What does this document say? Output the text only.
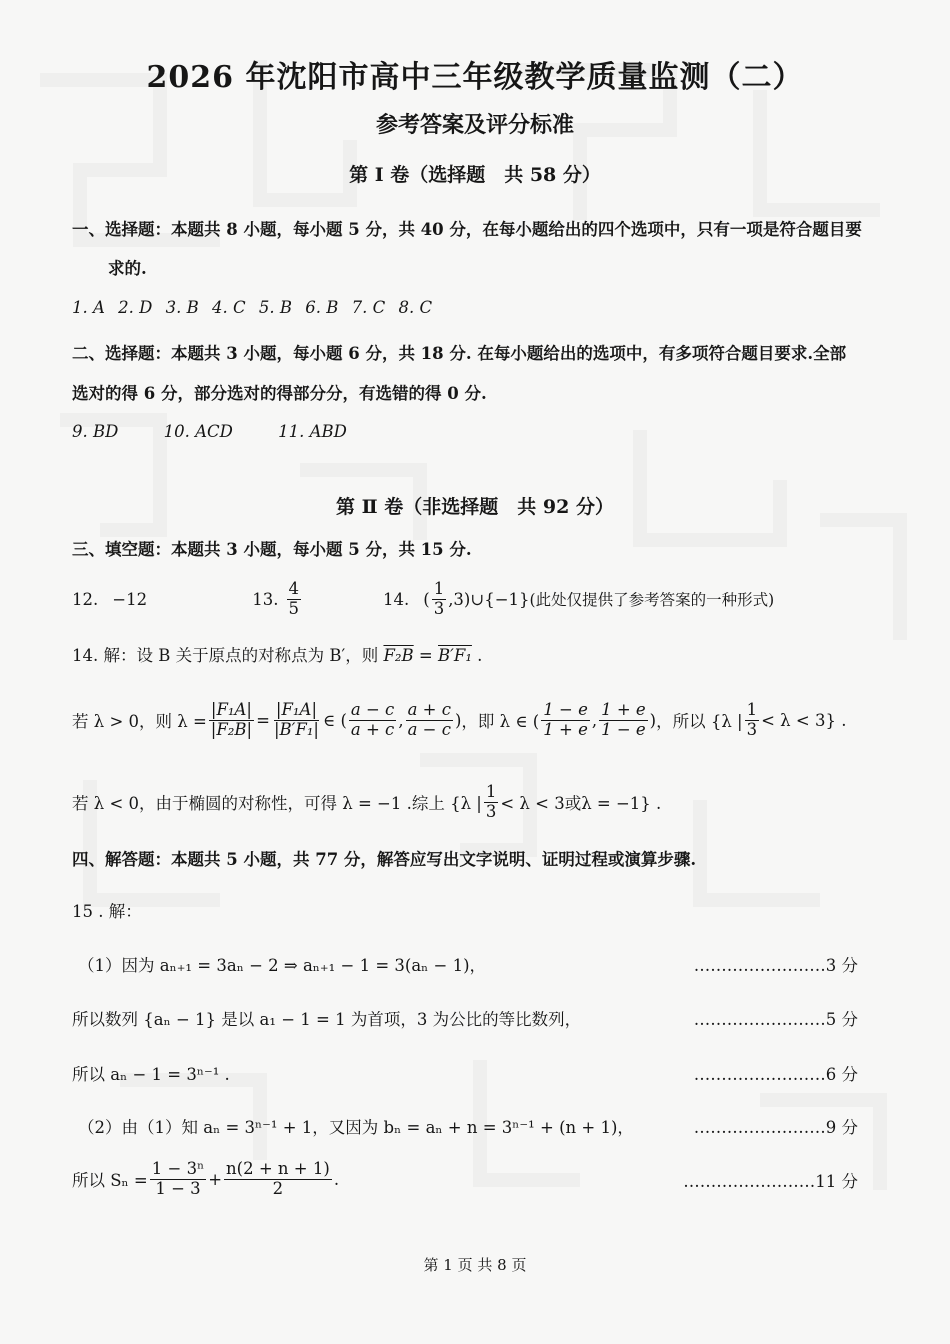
2026 年沈阳市高中三年级教学质量监测（二）
参考答案及评分标准
第 Ⅰ 卷（选择题　共 58 分）
一、选择题：本题共 8 小题，每小题 5 分，共 40 分，在每小题给出的四个选项中，只有一项是符合题目要
求的.
1. A 2. D 3. B 4. C 5. B 6. B 7. C 8. C
二、选择题：本题共 3 小题，每小题 6 分，共 18 分. 在每小题给出的选项中，有多项符合题目要求.全部
选对的得 6 分，部分选对的得部分分，有选错的得 0 分.
9. BD	10. ACD	11. ABD
第 Ⅱ 卷（非选择题　共 92 分）
三、填空题：本题共 3 小题，每小题 5 分，共 15 分.
12. −12	13. $\frac{4}{5}$	14. ( $\frac{1}{3}$ ,3)∪{−1} (此处仅提供了参考答案的一种形式)
14. 解：设 B 关于原点的对称点为 B′，则 F₂B = B′F₁ .
若 λ > 0，则 $\lambda = \frac{\text{|F₁A|}}{\text{|F₂B|}} = \frac{\text{|F₁A|}}{\text{|B′F₁|}}$ ∈ ( $\frac{a - c}{a + c}$ , $\frac{a + c}{a - c}$ ) ，即 λ ∈ ( $\frac{1 - e}{1 + e}$ , $\frac{1 + e}{1 - e}$ ) ，所以 {λ | $\frac{1}{3} < \lambda < 3$} .
若 λ < 0，由于椭圆的对称性，可得 λ = −1 .综上 {λ | $\frac{1}{3} < \lambda < 3$或λ = −1} .
四、解答题：本题共 5 小题，共 77 分，解答应写出文字说明、证明过程或演算步骤.
15 . 解：
（1）因为 aₙ₊₁ = 3aₙ − 2 ⇒ aₙ₊₁ − 1 = 3(aₙ − 1)，	……………………3 分
所以数列 {aₙ − 1} 是以 a₁ − 1 = 1 为首项，3 为公比的等比数列，	……………………5 分
所以 aₙ − 1 = 3ⁿ⁻¹ .	……………………6 分
（2）由（1）知 aₙ = 3ⁿ⁻¹ + 1，又因为 bₙ = aₙ + n = 3ⁿ⁻¹ + (n + 1)，	……………………9 分
所以 $S_n = \frac{\text{1 − 3ⁿ}}{1 - 3} + \frac{n(2 + n + 1)}{2}$ .	……………………11 分
第 1 页 共 8 页
